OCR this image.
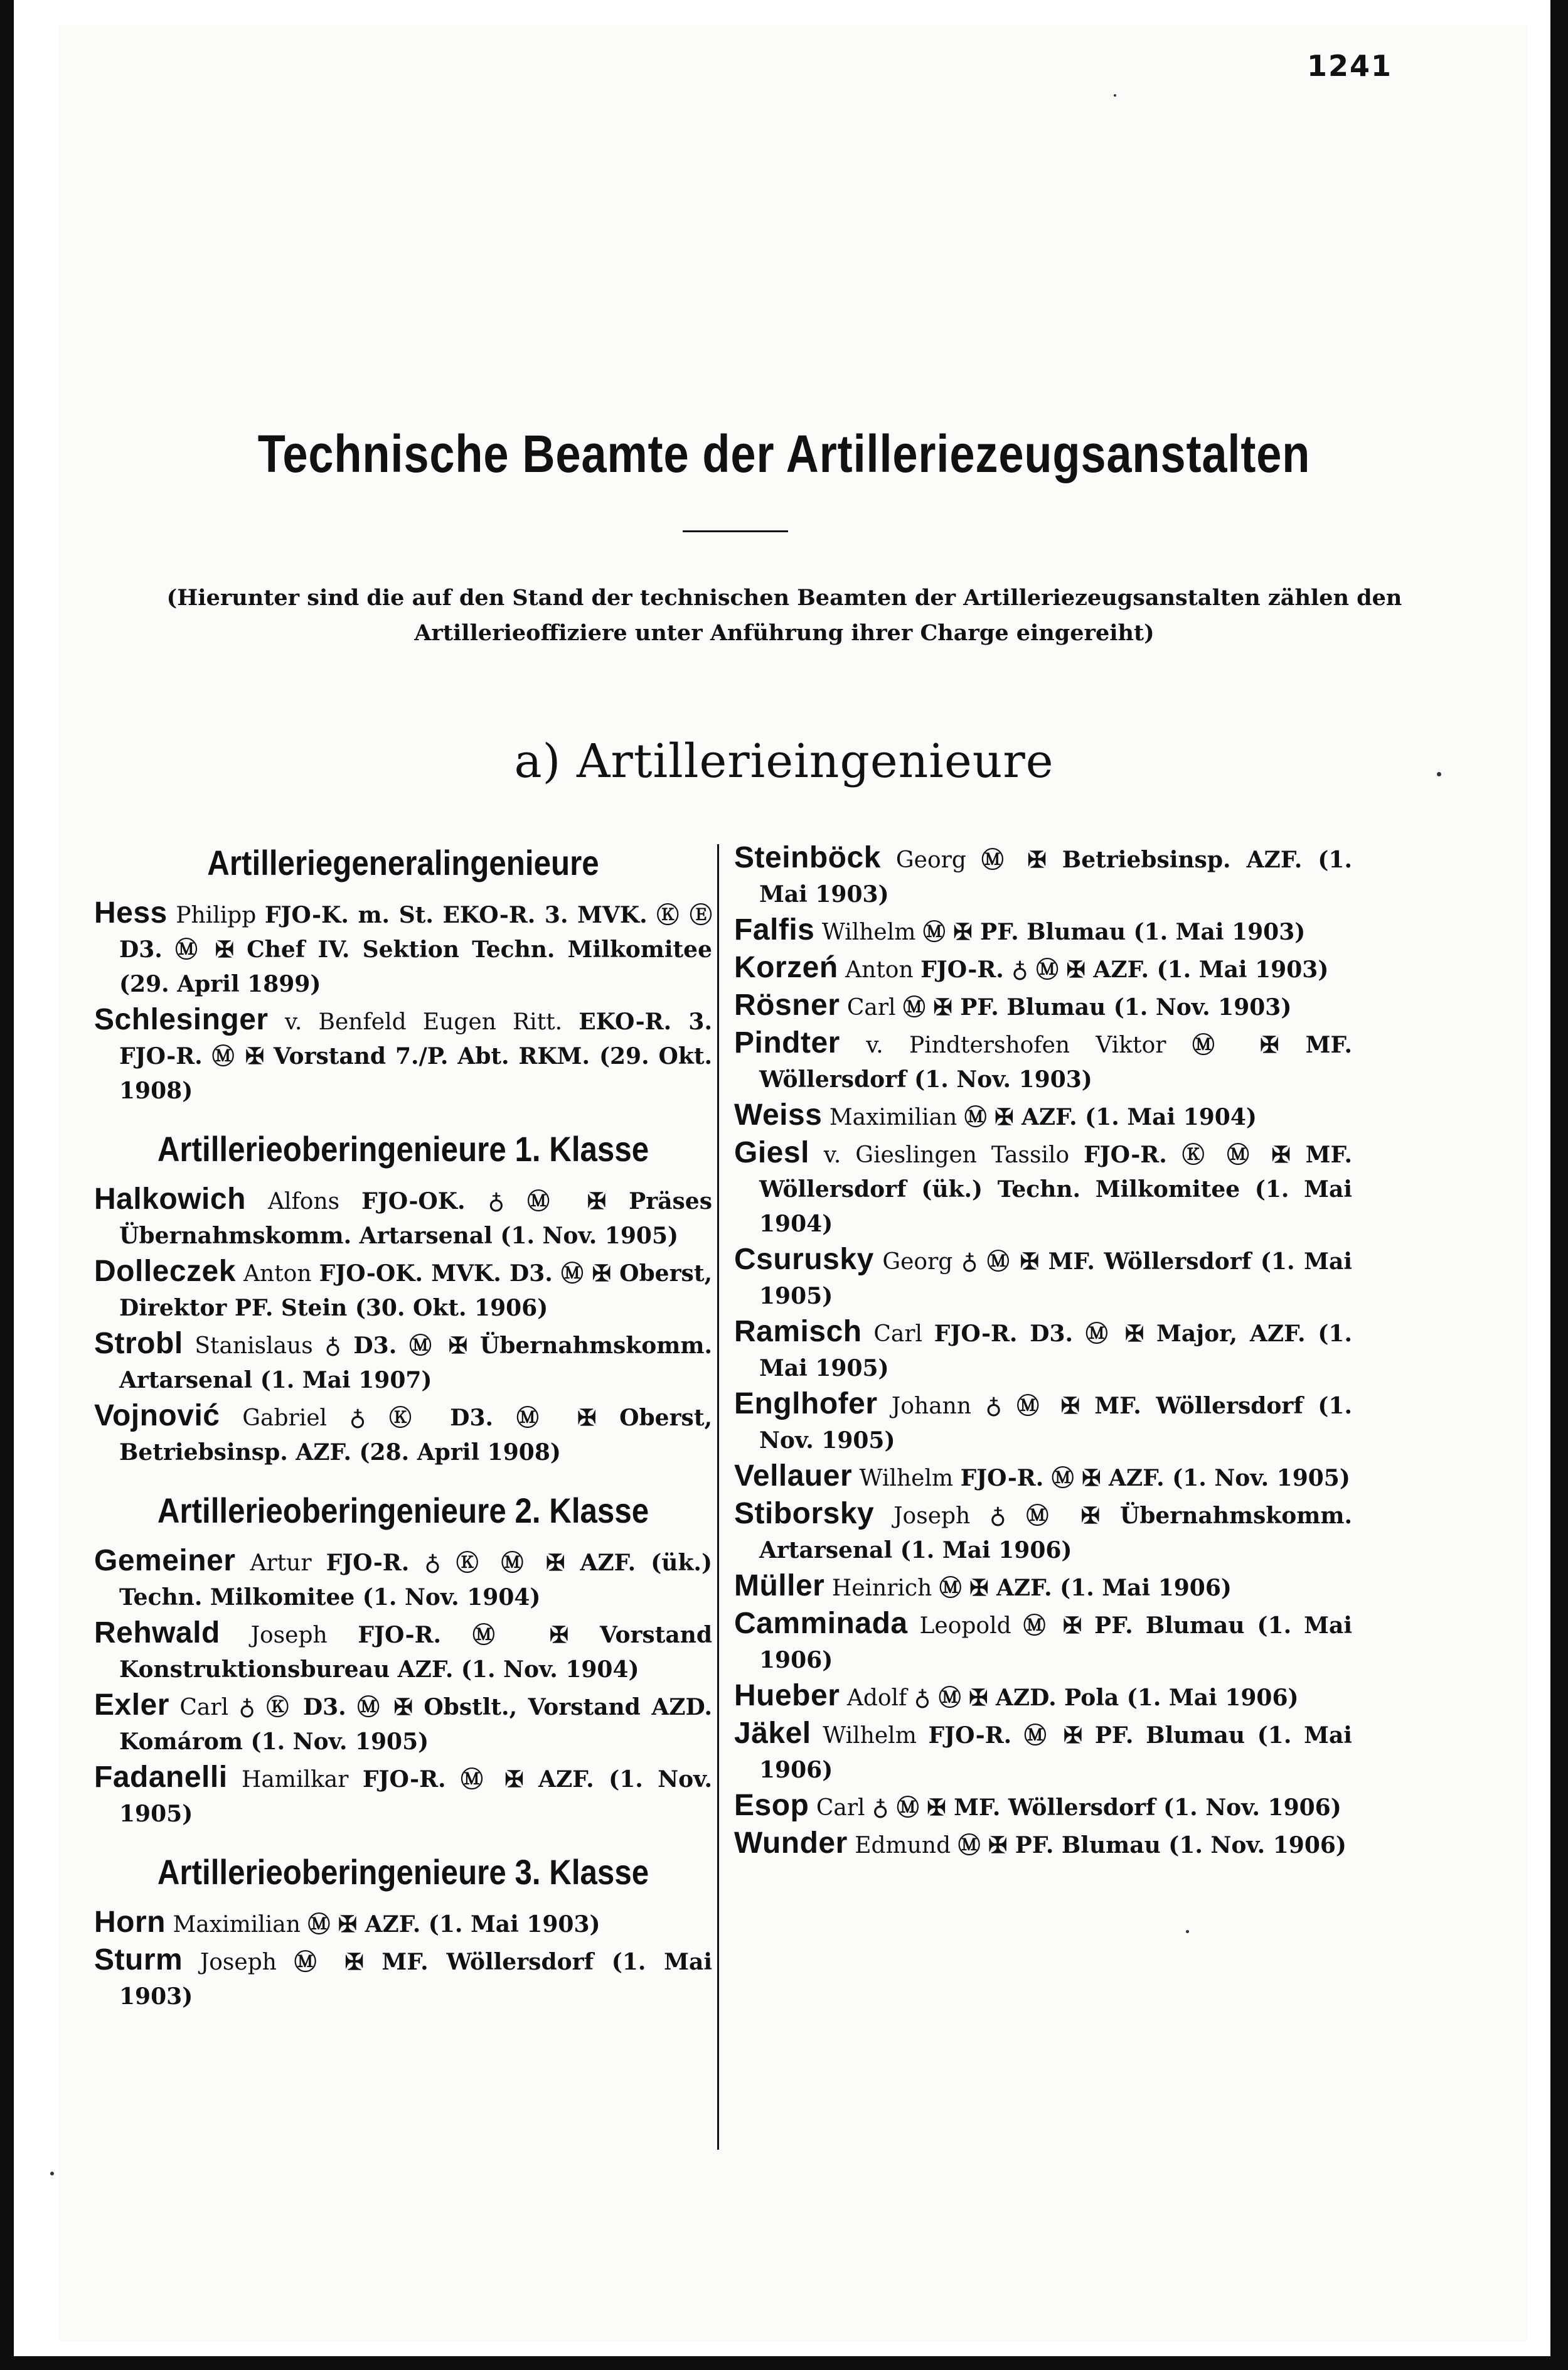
1241
Technische Beamte der Artilleriezeugsanstalten
(Hierunter sind die auf den Stand der technischen Beamten der Artilleriezeugsanstalten zählen den Artillerieoffiziere unter Anführung ihrer Charge eingereiht)
a) Artillerieingenieure
Artilleriegeneralingenieure

Hess Philipp FJO-K. m. St. EKO-R. 3. MVK. Ⓚ Ⓔ D3. Ⓜ ✠ Chef IV. Sektion Techn. Milkomitee (29. April 1899)

Schlesinger v. Benfeld Eugen Ritt. EKO-R. 3. FJO-R. Ⓜ ✠ Vorstand 7./P. Abt. RKM. (29. Okt. 1908)

Artillerieoberingenieure 1. Klasse

Halkowich Alfons FJO-OK. ♁ Ⓜ ✠ Präses Übernahmskomm. Artarsenal (1. Nov. 1905)

Dolleczek Anton FJO-OK. MVK. D3. Ⓜ ✠ Oberst, Direktor PF. Stein (30. Okt. 1906)

Strobl Stanislaus ♁ D3. Ⓜ ✠ Übernahmskomm. Artarsenal (1. Mai 1907)

Vojnović Gabriel ♁ Ⓚ D3. Ⓜ ✠ Oberst, Betriebsinsp. AZF. (28. April 1908)

Artillerieoberingenieure 2. Klasse

Gemeiner Artur FJO-R. ♁ Ⓚ Ⓜ ✠ AZF. (ük.) Techn. Milkomitee (1. Nov. 1904)

Rehwald Joseph FJO-R. Ⓜ ✠ Vorstand Konstruktionsbureau AZF. (1. Nov. 1904)

Exler Carl ♁ Ⓚ D3. Ⓜ ✠ Obstlt., Vorstand AZD. Komárom (1. Nov. 1905)

Fadanelli Hamilkar FJO-R. Ⓜ ✠ AZF. (1. Nov. 1905)

Artillerieoberingenieure 3. Klasse

Horn Maximilian Ⓜ ✠ AZF. (1. Mai 1903)

Sturm Joseph Ⓜ ✠ MF. Wöllersdorf (1. Mai 1903)

Steinböck Georg Ⓜ ✠ Betriebsinsp. AZF. (1. Mai 1903)

Falfis Wilhelm Ⓜ ✠ PF. Blumau (1. Mai 1903)

Korzeń Anton FJO-R. ♁ Ⓜ ✠ AZF. (1. Mai 1903)

Rösner Carl Ⓜ ✠ PF. Blumau (1. Nov. 1903)

Pindter v. Pindtershofen Viktor Ⓜ ✠ MF. Wöllersdorf (1. Nov. 1903)

Weiss Maximilian Ⓜ ✠ AZF. (1. Mai 1904)

Giesl v. Gieslingen Tassilo FJO-R. Ⓚ Ⓜ ✠ MF. Wöllersdorf (ük.) Techn. Milkomitee (1. Mai 1904)

Csurusky Georg ♁ Ⓜ ✠ MF. Wöllersdorf (1. Mai 1905)

Ramisch Carl FJO-R. D3. Ⓜ ✠ Major, AZF. (1. Mai 1905)

Englhofer Johann ♁ Ⓜ ✠ MF. Wöllersdorf (1. Nov. 1905)

Vellauer Wilhelm FJO-R. Ⓜ ✠ AZF. (1. Nov. 1905)

Stiborsky Joseph ♁ Ⓜ ✠ Übernahmskomm. Artarsenal (1. Mai 1906)

Müller Heinrich Ⓜ ✠ AZF. (1. Mai 1906)

Camminada Leopold Ⓜ ✠ PF. Blumau (1. Mai 1906)

Hueber Adolf ♁ Ⓜ ✠ AZD. Pola (1. Mai 1906)

Jäkel Wilhelm FJO-R. Ⓜ ✠ PF. Blumau (1. Mai 1906)

Esop Carl ♁ Ⓜ ✠ MF. Wöllersdorf (1. Nov. 1906)

Wunder Edmund Ⓜ ✠ PF. Blumau (1. Nov. 1906)
